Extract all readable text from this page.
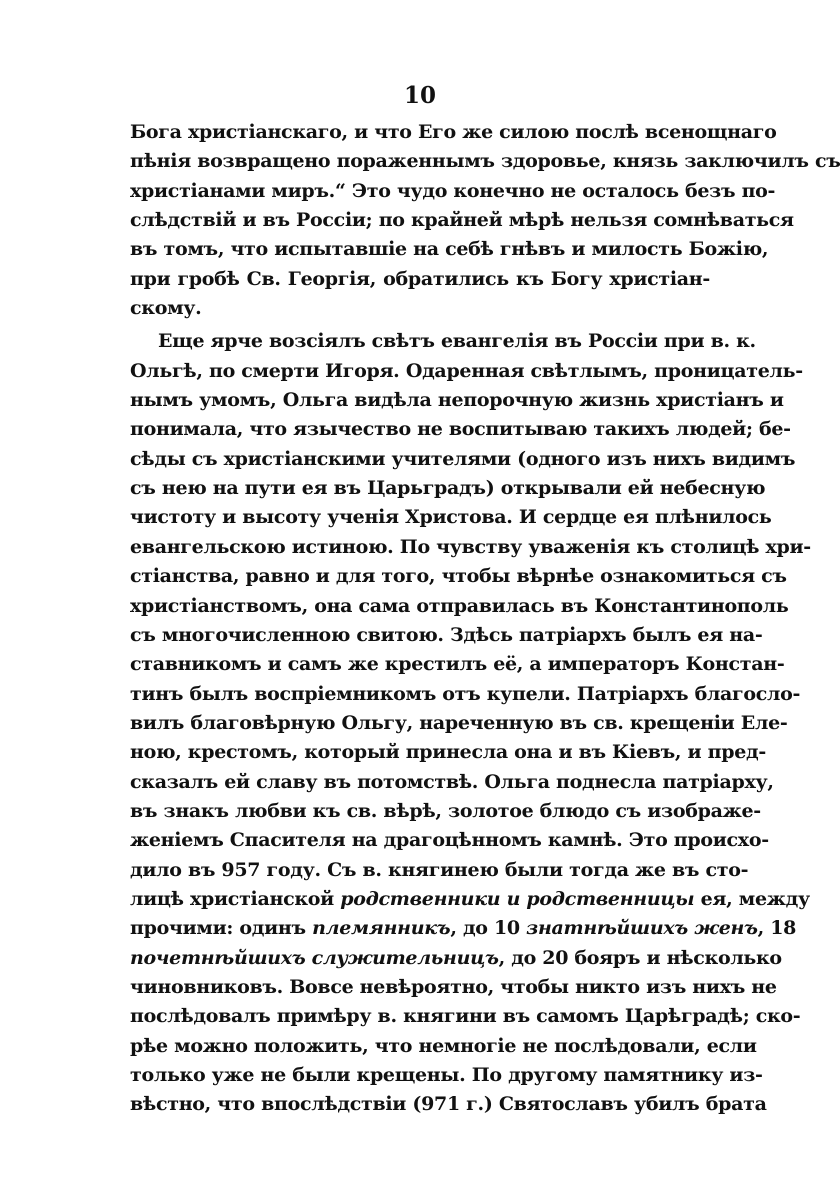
10
Бога христіанскаго, и что Его же силою послѣ всенощнаго
пѣнія возвращено пораженнымъ здоровье, князь заключилъ съ
христіанами миръ.“ Это чудо конечно не осталось безъ по-
слѣдствій и въ Россіи; по крайней мѣрѣ нельзя сомнѣваться
въ томъ, что испытавшіе на себѣ гнѣвъ и милость Божію,
при гробѣ Св. Георгія, обратились къ Богу христіан-
скому.
Еще ярче возсіялъ свѣтъ евангелія въ Россіи при в. к.
Ольгѣ, по смерти Игоря. Одаренная свѣтлымъ, проницатель-
нымъ умомъ, Ольга видѣла непорочную жизнь христіанъ и
понимала, что язычество не воспитываю такихъ людей; бе-
сѣды съ христіанскими учителями (одного изъ нихъ видимъ
съ нею на пути ея въ Царьградъ) открывали ей небесную
чистоту и высоту ученія Христова. И сердце ея плѣнилось
евангельскою истиною. По чувству уваженія къ столицѣ хри-
стіанства, равно и для того, чтобы вѣрнѣе ознакомиться съ
христіанствомъ, она сама отправилась въ Константинополь
съ многочисленною свитою. Здѣсь патріархъ былъ ея на-
ставникомъ и самъ же крестилъ её, а императоръ Констан-
тинъ былъ воспріемникомъ отъ купели. Патріархъ благосло-
вилъ благовѣрную Ольгу, нареченную въ св. крещеніи Еле-
ною, крестомъ, который принесла она и въ Кіевъ, и пред-
сказалъ ей славу въ потомствѣ. Ольга поднесла патріарху,
въ знакъ любви къ св. вѣрѣ, золотое блюдо съ изображе-
женіемъ Спасителя на драгоцѣнномъ камнѣ. Это происхо-
дило въ 957 году. Съ в. княгинею были тогда же въ сто-
лицѣ христіанской родственники и родственницы ея, между
прочими: одинъ племянникъ, до 10 знатнѣйшихъ женъ, 18
почетнѣйшихъ служительницъ, до 20 бояръ и нѣсколько
чиновниковъ. Вовсе невѣроятно, чтобы никто изъ нихъ не
послѣдовалъ примѣру в. княгини въ самомъ Царѣградѣ; ско-
рѣе можно положить, что немногіе не послѣдовали, если
только уже не были крещены. По другому памятнику из-
вѣстно, что впослѣдствіи (971 г.) Святославъ убилъ брата
